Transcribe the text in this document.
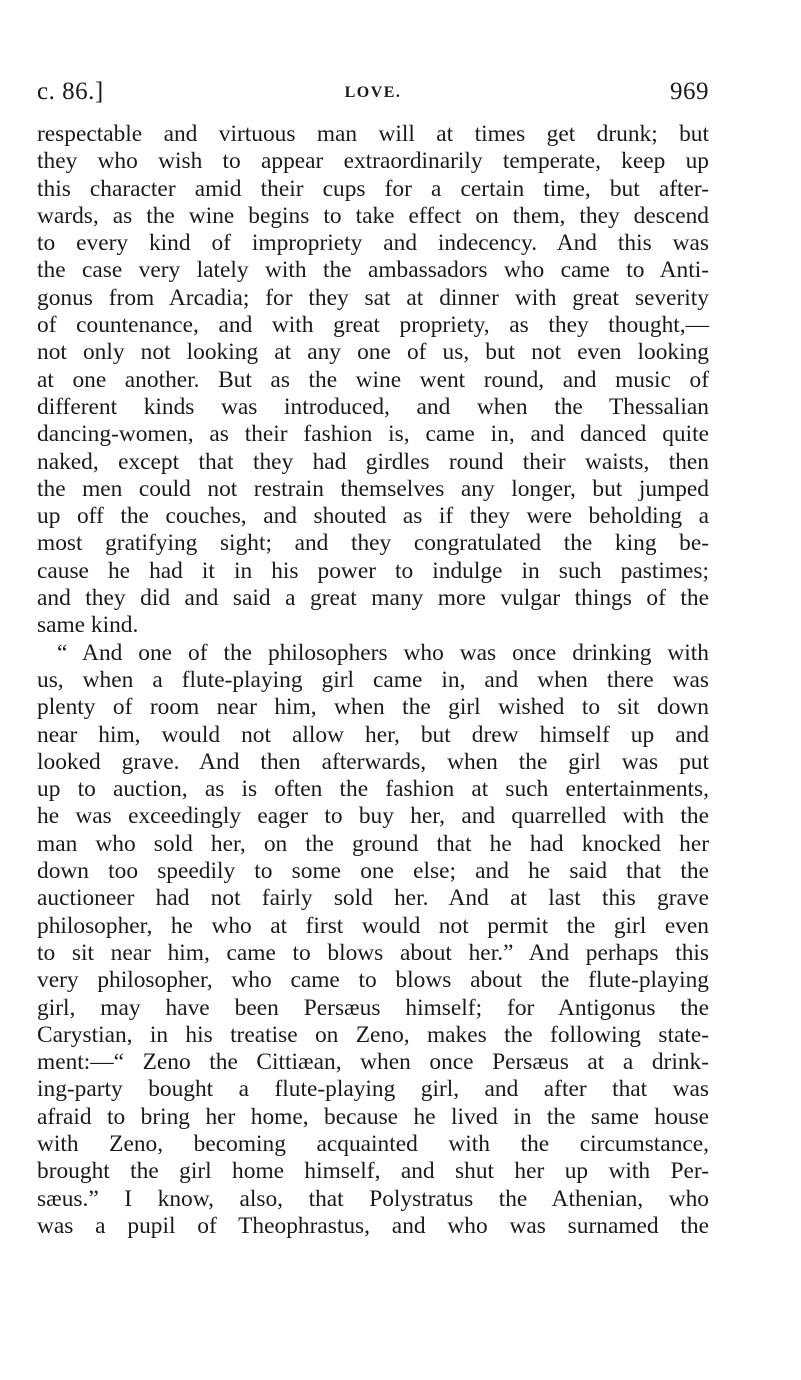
c. 86.]	LOVE.	969
respectable and virtuous man will at times get drunk; but
they who wish to appear extraordinarily temperate, keep up
this character amid their cups for a certain time, but after-
wards, as the wine begins to take effect on them, they descend
to every kind of impropriety and indecency. And this was
the case very lately with the ambassadors who came to Anti-
gonus from Arcadia; for they sat at dinner with great severity
of countenance, and with great propriety, as they thought,—
not only not looking at any one of us, but not even looking
at one another. But as the wine went round, and music of
different kinds was introduced, and when the Thessalian
dancing-women, as their fashion is, came in, and danced quite
naked, except that they had girdles round their waists, then
the men could not restrain themselves any longer, but jumped
up off the couches, and shouted as if they were beholding a
most gratifying sight; and they congratulated the king be-
cause he had it in his power to indulge in such pastimes;
and they did and said a great many more vulgar things of the
same kind.
“ And one of the philosophers who was once drinking with
us, when a flute-playing girl came in, and when there was
plenty of room near him, when the girl wished to sit down
near him, would not allow her, but drew himself up and
looked grave. And then afterwards, when the girl was put
up to auction, as is often the fashion at such entertainments,
he was exceedingly eager to buy her, and quarrelled with the
man who sold her, on the ground that he had knocked her
down too speedily to some one else; and he said that the
auctioneer had not fairly sold her. And at last this grave
philosopher, he who at first would not permit the girl even
to sit near him, came to blows about her.” And perhaps this
very philosopher, who came to blows about the flute-playing
girl, may have been Persæus himself; for Antigonus the
Carystian, in his treatise on Zeno, makes the following state-
ment:—“ Zeno the Cittiæan, when once Persæus at a drink-
ing-party bought a flute-playing girl, and after that was
afraid to bring her home, because he lived in the same house
with Zeno, becoming acquainted with the circumstance,
brought the girl home himself, and shut her up with Per-
sæus.” I know, also, that Polystratus the Athenian, who
was a pupil of Theophrastus, and who was surnamed the
